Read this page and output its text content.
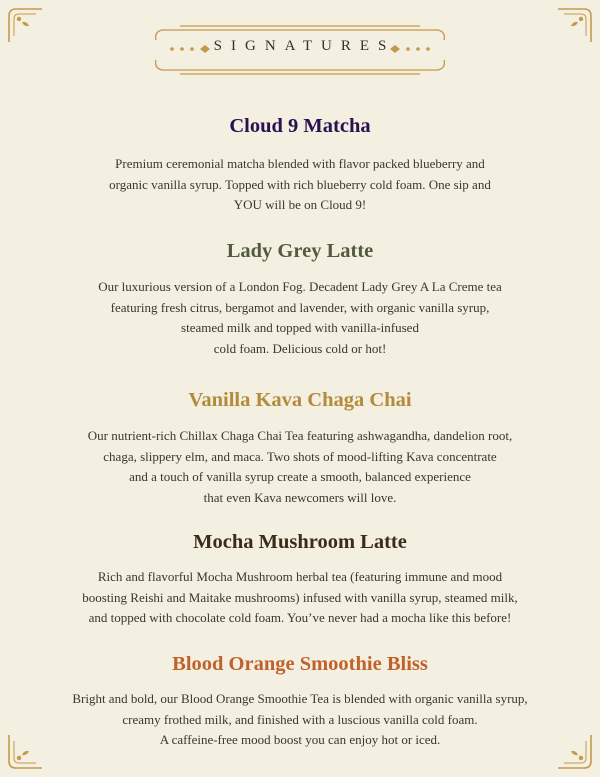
SIGNATURES
Cloud 9 Matcha

Premium ceremonial matcha blended with flavor packed blueberry and
organic vanilla syrup. Topped with rich blueberry cold foam. One sip and
YOU will be on Cloud 9!

Lady Grey Latte

Our luxurious version of a London Fog. Decadent Lady Grey A La Creme tea
featuring fresh citrus, bergamot and lavender, with organic vanilla syrup,
steamed milk and topped with vanilla-infused
cold foam. Delicious cold or hot!

Vanilla Kava Chaga Chai

Our nutrient-rich Chillax Chaga Chai Tea featuring ashwagandha, dandelion root,
chaga, slippery elm, and maca. Two shots of mood-lifting Kava concentrate
and a touch of vanilla syrup create a smooth, balanced experience
that even Kava newcomers will love.

Mocha Mushroom Latte

Rich and flavorful Mocha Mushroom herbal tea (featuring immune and mood
boosting Reishi and Maitake mushrooms) infused with vanilla syrup, steamed milk,
and topped with chocolate cold foam. You’ve never had a mocha like this before!

Blood Orange Smoothie Bliss

Bright and bold, our Blood Orange Smoothie Tea is blended with organic vanilla syrup,
creamy frothed milk, and finished with a luscious vanilla cold foam.
A caffeine-free mood boost you can enjoy hot or iced.
